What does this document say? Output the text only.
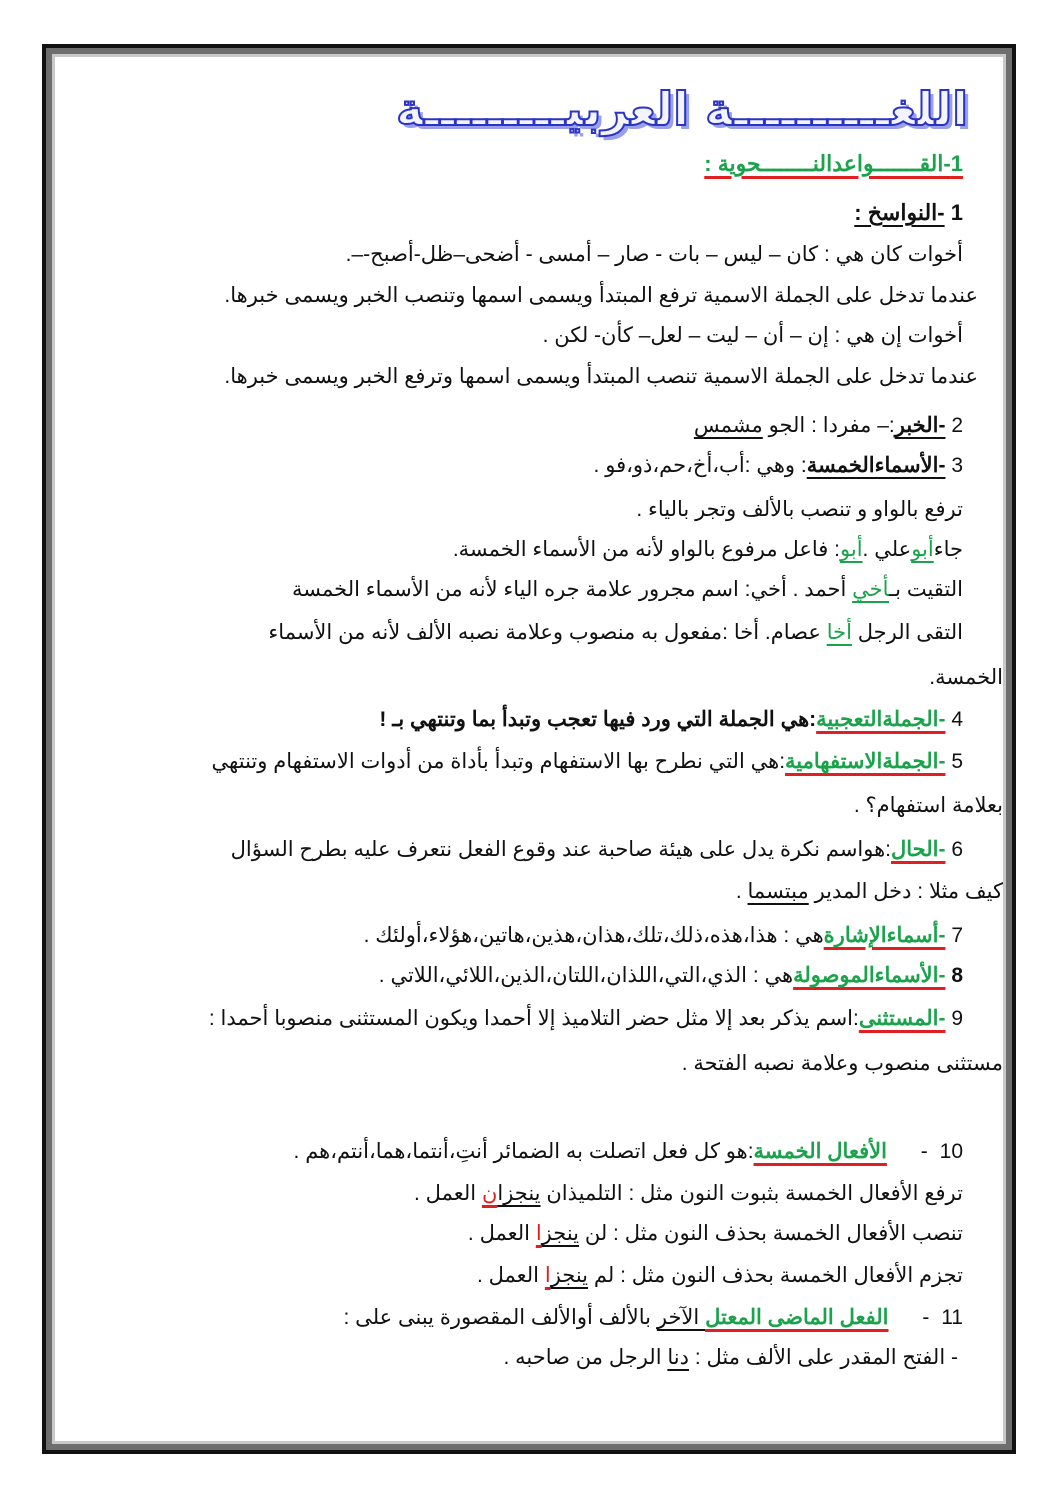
اللغــــــــــة العربيـــــــــة
1-القـــــــواعدالنــــــــحوية :
1 -النواسخ :
أخوات كان هي : كان – ليس – بات - صار – أمسى - أضحى–ظل-أصبح-–.
عندما تدخل على الجملة الاسمية ترفع المبتدأ ويسمى اسمها وتنصب الخبر ويسمى خبرها.
أخوات إن هي : إن – أن – ليت – لعل– كأن- لكن .
عندما تدخل على الجملة الاسمية تنصب المبتدأ ويسمى اسمها وترفع الخبر ويسمى خبرها.
2 -الخبر:– مفردا : الجو مشمس
3 -الأسماءالخمسة: وهي :أب،أخ،حم،ذو،فو .
ترفع بالواو و تنصب بالألف وتجر بالياء .
جاءأبوعلي .أبو: فاعل مرفوع بالواو لأنه من الأسماء الخمسة.
التقيت بـأخي أحمد . أخي: اسم مجرور علامة جره الياء لأنه من الأسماء الخمسة
التقى الرجل أخا عصام. أخا :مفعول به منصوب وعلامة نصبه الألف لأنه من الأسماء
الخمسة.
4 -الجملةالتعجبية:هي الجملة التي ورد فيها تعجب وتبدأ بما وتنتهي بـ !
5 -الجملةالاستفهامية:هي التي نطرح بها الاستفهام وتبدأ بأداة من أدوات الاستفهام وتنتهي
بعلامة استفهام؟ .
6 -الحال:هواسم نكرة يدل على هيئة صاحبة عند وقوع الفعل نتعرف عليه بطرح السؤال
كيف مثلا : دخل المدير مبتسما .
7 -أسماءالإشارةهي : هذا،هذه،ذلك،تلك،هذان،هذين،هاتين،هؤلاء،أولئك .
8 -الأسماءالموصولةهي : الذي،التي،اللذان،اللتان،الذين،اللائي،اللاتي .
9 -المستثنى:اسم يذكر بعد إلا مثل حضر التلاميذ إلا أحمدا ويكون المستثنى منصوبا أحمدا :
مستثنى منصوب وعلامة نصبه الفتحة .
10 - الأفعال الخمسة:هو كل فعل اتصلت به الضمائر أنتِ،أنتما،هما،أنتم،هم .
ترفع الأفعال الخمسة بثبوت النون مثل : التلميذان ينجزان العمل .
تنصب الأفعال الخمسة بحذف النون مثل : لن ينجزا العمل .
تجزم الأفعال الخمسة بحذف النون مثل : لم ينجزا العمل .
11 - الفعل الماضى المعتل الآخر بالألف أوالألف المقصورة يبنى على :
- الفتح المقدر على الألف مثل : دنا الرجل من صاحبه .
